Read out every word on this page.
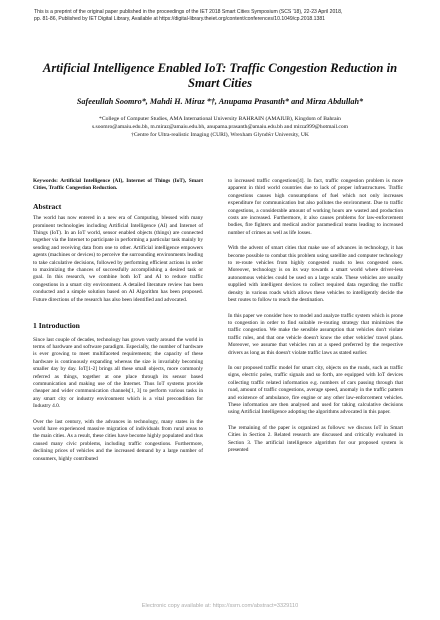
This is a preprint of the original paper published in the proceedings of the IET 2018 Smart Cities Symposium (SCS '18), 22-23 April 2018,
pp. 81-86, Published by IET Digital Library, Available at https://digital-library.theiet.org/content/conferences/10.1049/cp.2018.1381
Artificial Intelligence Enabled IoT: Traffic Congestion Reduction in Smart Cities
Safeeullah Soomro*, Mahdi H. Miraz *†, Anupama Prasanth* and Mirza Abdullah*
*College of Computer Studies, AMA International University BAHRAIN (AMAIUB), Kingdom of Bahrain
s.soomro@amaiu.edu.bh, m.miraz@amaiu.edu.bh, anupama.prasanth@amaiu.edu.bh and mirza999@hotmail.com
†Centre for Ultra-realistic Imaging (CURI), Wrexham Glyndŵr University, UK
Keywords: Artificial Intelligence (AI), Internet of Things (IoT), Smart Cities, Traffic Congestion Reduction.
Abstract

The world has now entered in a new era of Computing, blessed with many prominent technologies including Artificial Intelligence (AI) and Internet of Things (IoT). In an IoT world, sensor enabled objects (things) are connected together via the Internet to participate in performing a particular task mainly by sending and receiving data from one to other. Artificial intelligence empowers agents (machines or devices) to perceive the surrounding environments leading to take calculative decisions, followed by performing efficient actions in order to maximizing the chances of successfully accomplishing a desired task or goal. In this research, we combine both IoT and AI to reduce traffic congestions in a smart city environment. A detailed literature review has been conducted and a simple solution based on AI Algorithm has been proposed. Future directions of the research has also been identified and advocated.

1 Introduction

Since last couple of decades, technology has grown vastly around the world in terms of hardware and software paradigm. Especially, the number of hardware is ever growing to meet multifaceted requirements; the capacity of these hardware is continuously expanding whereas the size is invariably becoming smaller day by day. IoT[1-2] brings all these small objects, more commonly referred as things, together at one place through its sensor based communication and making use of the Internet. Thus IoT systems provide cheaper and wider communication channels[1, 3] to perform various tasks in any smart city or industry environment which is a vital precondition for Industry 4.0.

Over the last century, with the advances in technology, many states in the world have experienced massive migration of individuals from rural areas to the main cities. As a result, these cities have become highly populated and thus caused many civic problems, including traffic congestions. Furthermore, declining prices of vehicles and the increased demand by a large number of consumers, highly contributed

to increased traffic congestions[4]. In fact, traffic congestion problem is more apparent in third world countries due to lack of proper infrastructures. Traffic congestions causes high consumptions of fuel which not only increases expenditure for communication but also pollutes the environment. Due to traffic congestions, a considerable amount of working hours are wasted and production costs are increased. Furthermore, it also causes problems for law-enforcement bodies, fire fighters and medical and/or paramedical teams leading to increased number of crimes as well as life losses.

With the advent of smart cities that make use of advances in technology, it has become possible to combat this problem using satellite and computer technology to re-route vehicles from highly congested roads to less congested ones. Moreover, technology is on its way towards a smart world where driver-less autonomous vehicles could be used on a large scale. These vehicles are usually supplied with intelligent devices to collect required data regarding the traffic density in various roads which allows these vehicles to intelligently decide the best routes to follow to reach the destination.

In this paper we consider how to model and analyze traffic system which is prone to congestion in order to find suitable re-routing strategy that minimizes the traffic congestion. We make the sensible assumption that vehicles don't violate traffic rules, and that one vehicle doesn't know the other vehicles' travel plans. Moreover, we assume that vehicles run at a speed preferred by the respective drivers as long as this doesn't violate traffic laws as stated earlier.

In our proposed traffic model for smart city, objects on the roads, such as traffic signs, electric poles, traffic signals and so forth, are equipped with IoT devices collecting traffic related information e.g. numbers of cars passing through that road, amount of traffic congestions, average speed, anomaly in the traffic pattern and existence of ambulance, fire engine or any other law-enforcement vehicles. These information are then analysed and used for taking calculative decisions using Artificial Intelligence adopting the algorithms advocated in this paper.

The remaining of the paper is organized as follows: we discuss IoT in Smart Cities in Section 2. Related research are discussed and critically evaluated in Section 3. The artificial intelligence algorithm for our proposed system is presented

Electronic copy available at: https://ssrn.com/abstract=3329110
